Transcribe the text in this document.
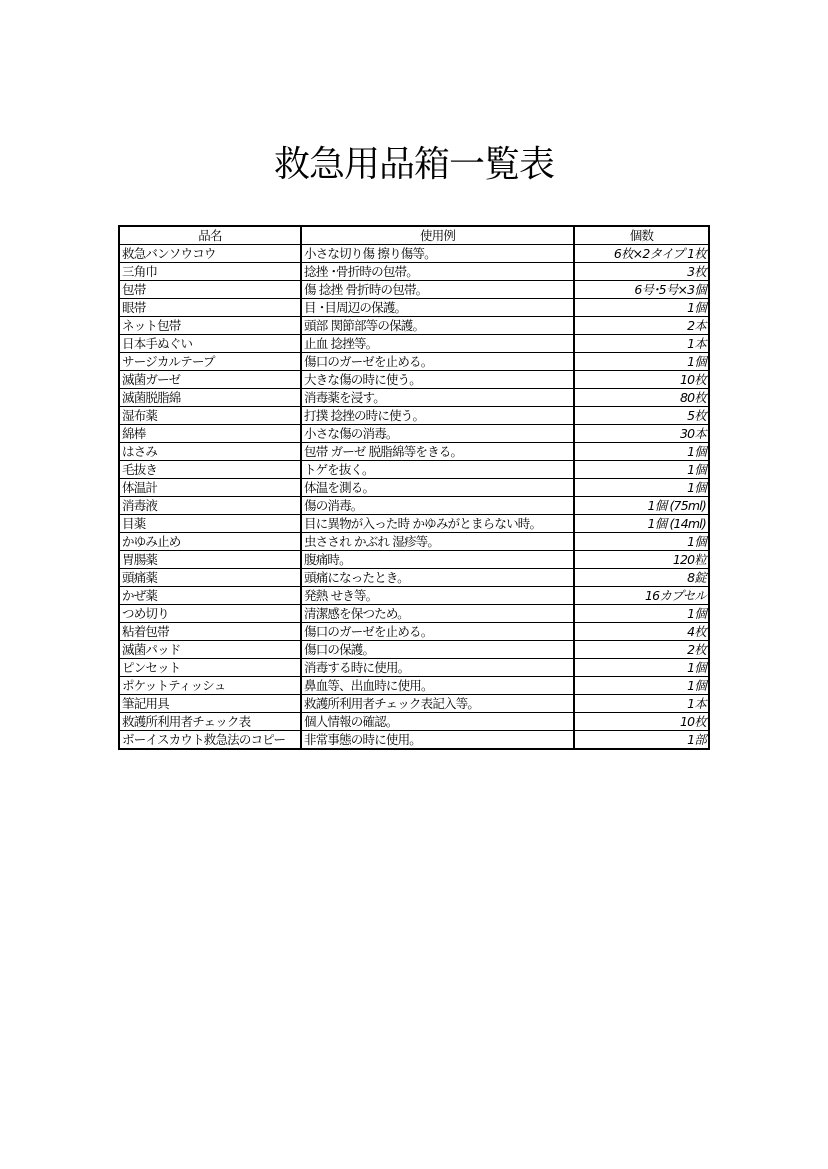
救急用品箱一覧表
品名	使用例	個数
救急バンソウコウ	小さな切り傷 擦り傷等。	6枚×2タイプ 1枚
三角巾	捻挫 ･骨折時の包帯。	3枚
包帯	傷 捻挫 骨折時の包帯。	6号･5号×3個
眼帯	目 ･目周辺の保護。	1個
ネット包帯	頭部 関節部等の保護。	2本
日本手ぬぐい	止血 捻挫等。	1本
サージカルテープ	傷口のガーゼを止める。	1個
滅菌ガーゼ	大きな傷の時に使う。	10枚
滅菌脱脂綿	消毒薬を浸す。	80枚
湿布薬	打撲 捻挫の時に使う。	5枚
綿棒	小さな傷の消毒。	30本
はさみ	包帯 ガーゼ 脱脂綿等をきる。	1個
毛抜き	トゲを抜く。	1個
体温計	体温を測る。	1個
消毒液	傷の消毒。	1個 (75ml)
目薬	目に異物が入った時 かゆみがとまらない時。	1個 (14ml)
かゆみ止め	虫さされ かぶれ 湿疹等。	1個
胃腸薬	腹痛時。	120粒
頭痛薬	頭痛になったとき。	8錠
かぜ薬	発熱 せき等。	16カプセル
つめ切り	清潔感を保つため。	1個
粘着包帯	傷口のガーゼを止める。	4枚
滅菌パッド	傷口の保護。	2枚
ピンセット	消毒する時に使用。	1個
ポケットティッシュ	鼻血等、出血時に使用。	1個
筆記用具	救護所利用者チェック表記入等。	1本
救護所利用者チェック表	個人情報の確認。	10枚
ボーイスカウト救急法のコピー	非常事態の時に使用。	1部
